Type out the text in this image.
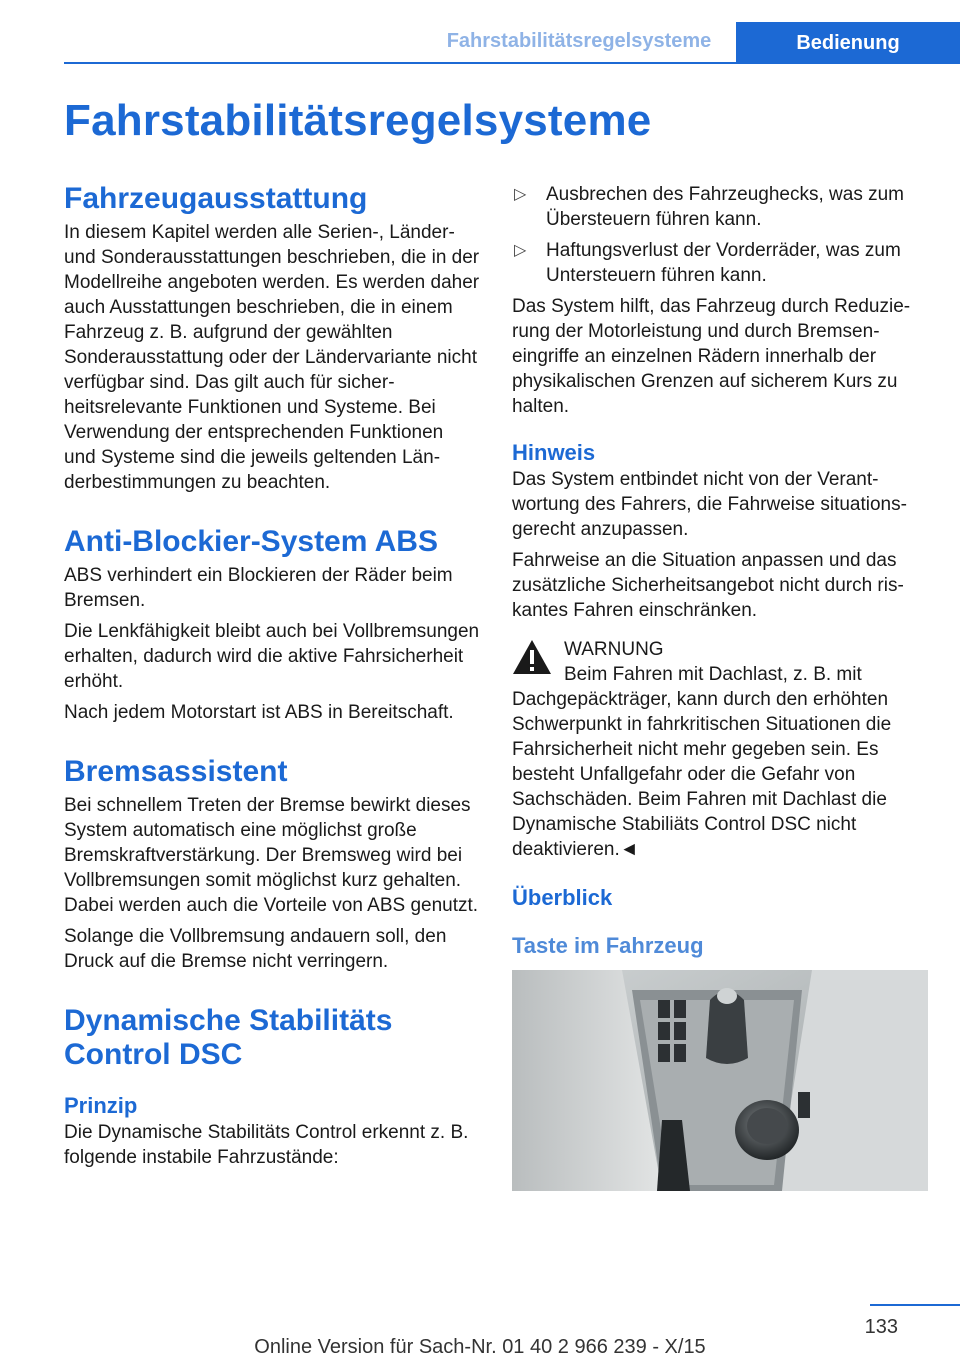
Fahrstabilitätsregelsysteme	Bedienung
Fahrstabilitätsregelsysteme
Fahrzeugausstattung

In diesem Kapitel werden alle Serien-, Länder- und Sonderausstattungen beschrieben, die in der Modellreihe angeboten werden. Es werden daher auch Ausstattungen beschrieben, die in einem Fahrzeug z. B. aufgrund der gewählten Sonderausstattung oder der Ländervariante nicht verfügbar sind. Das gilt auch für sicherheitsrelevante Funktionen und Systeme. Bei Verwendung der entsprechenden Funktionen und Systeme sind die jeweils geltenden Länderbestimmungen zu beachten.

Anti-Blockier-System ABS

ABS verhindert ein Blockieren der Räder beim Bremsen.

Die Lenkfähigkeit bleibt auch bei Vollbremsungen erhalten, dadurch wird die aktive Fahrsicherheit erhöht.

Nach jedem Motorstart ist ABS in Bereitschaft.

Bremsassistent

Bei schnellem Treten der Bremse bewirkt dieses System automatisch eine möglichst große Bremskraftverstärkung. Der Bremsweg wird bei Vollbremsungen somit möglichst kurz gehalten. Dabei werden auch die Vorteile von ABS genutzt.

Solange die Vollbremsung andauern soll, den Druck auf die Bremse nicht verringern.

Dynamische Stabilitäts Control DSC
Prinzip

Die Dynamische Stabilitäts Control erkennt z. B. folgende instabile Fahrzustände:

▷ Ausbrechen des Fahrzeughecks, was zum Übersteuern führen kann.
▷ Haftungsverlust der Vorderräder, was zum Untersteuern führen kann.

Das System hilft, das Fahrzeug durch Reduzierung der Motorleistung und durch Bremseneingriffe an einzelnen Rädern innerhalb der physikalischen Grenzen auf sicherem Kurs zu halten.

Hinweis

Das System entbindet nicht von der Verantwortung des Fahrers, die Fahrweise situationsgerecht anzupassen.

Fahrweise an die Situation anpassen und das zusätzliche Sicherheitsangebot nicht durch riskantes Fahren einschränken.

WARNUNG

Beim Fahren mit Dachlast, z. B. mit

Dachgepäckträger, kann durch den erhöhten Schwerpunkt in fahrkritischen Situationen die Fahrsicherheit nicht mehr gegeben sein. Es besteht Unfallgefahr oder die Gefahr von Sachschäden. Beim Fahren mit Dachlast die Dynamische Stabiliäts Control DSC nicht deaktivieren.◄

Überblick
Taste im Fahrzeug
133
Online Version für Sach-Nr. 01 40 2 966 239 - X/15
